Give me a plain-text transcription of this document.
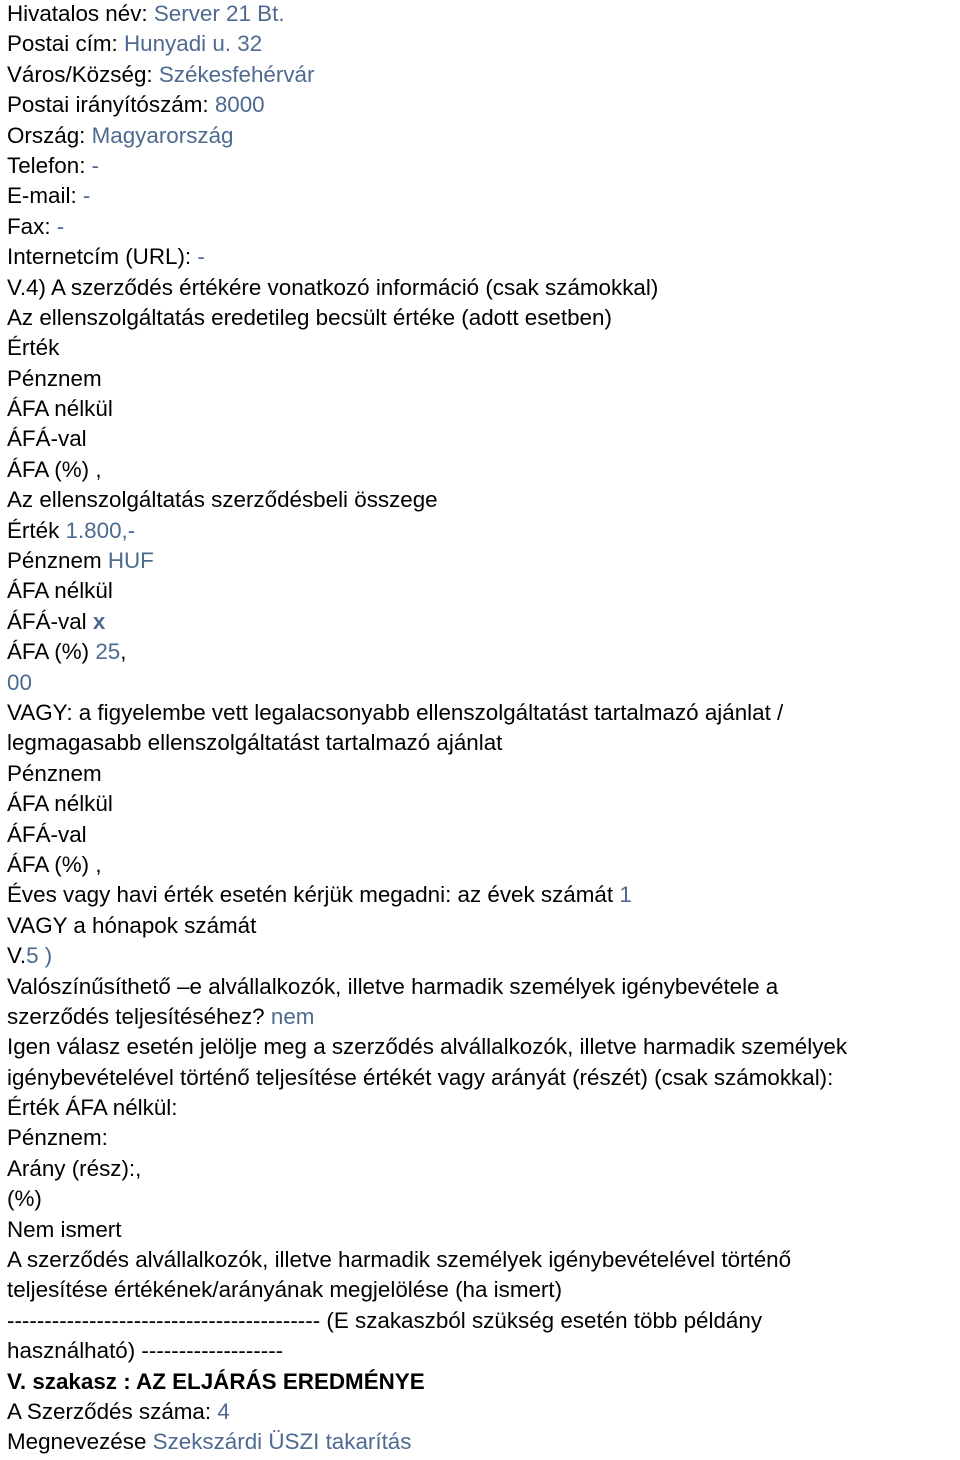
Hivatalos név: Server 21 Bt.
Postai cím: Hunyadi u. 32
Város/Község: Székesfehérvár
Postai irányítószám: 8000
Ország: Magyarország
Telefon: -
E-mail: -
Fax: -
Internetcím (URL): -
V.4) A szerződés értékére vonatkozó információ (csak számokkal)
Az ellenszolgáltatás eredetileg becsült értéke (adott esetben)
Érték
Pénznem
ÁFA nélkül
ÁFÁ-val
ÁFA (%) ,
Az ellenszolgáltatás szerződésbeli összege
Érték 1.800,-
Pénznem HUF
ÁFA nélkül
ÁFÁ-val x
ÁFA (%) 25,
00
VAGY: a figyelembe vett legalacsonyabb ellenszolgáltatást tartalmazó ajánlat /
legmagasabb ellenszolgáltatást tartalmazó ajánlat
Pénznem
ÁFA nélkül
ÁFÁ-val
ÁFA (%) ,
Éves vagy havi érték esetén kérjük megadni: az évek számát 1
VAGY a hónapok számát
V.5 )
Valószínűsíthető –e alvállalkozók, illetve harmadik személyek igénybevétele a
szerződés teljesítéséhez? nem
Igen válasz esetén jelölje meg a szerződés alvállalkozók, illetve harmadik személyek
igénybevételével történő teljesítése értékét vagy arányát (részét) (csak számokkal):
Érték ÁFA nélkül:
Pénznem:
Arány (rész):,
(%)
Nem ismert
A szerződés alvállalkozók, illetve harmadik személyek igénybevételével történő
teljesítése értékének/arányának megjelölése (ha ismert)
------------------------------------------ (E szakaszból szükség esetén több példány
használható) -------------------
V. szakasz : AZ ELJÁRÁS EREDMÉNYE
A Szerződés száma: 4
Megnevezése Szekszárdi ÜSZI takarítás
